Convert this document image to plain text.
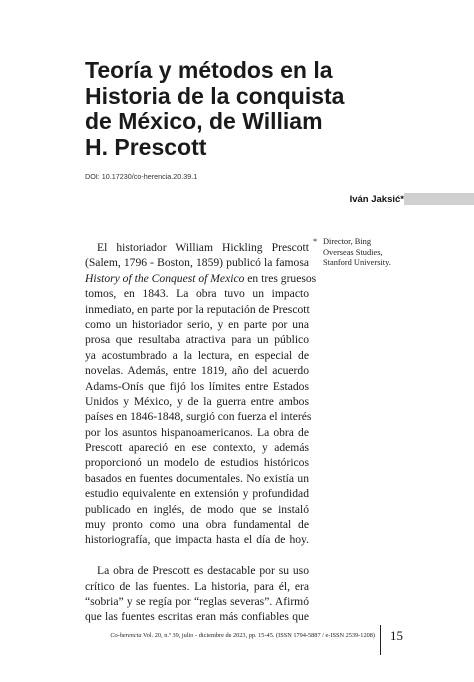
Teoría y métodos en la
Historia de la conquista
de México, de William
H. Prescott
DOI: 10.17230/co-herencia.20.39.1
Iván Jaksić*
* Director, Bing
Overseas Studies,
Stanford University.
El historiador William Hickling Prescott
(Salem, 1796 - Boston, 1859) publicó la famosa
History of the Conquest of Mexico en tres gruesos
tomos, en 1843. La obra tuvo un impacto
inmediato, en parte por la reputación de Prescott
como un historiador serio, y en parte por una
prosa que resultaba atractiva para un público
ya acostumbrado a la lectura, en especial de
novelas. Además, entre 1819, año del acuerdo
Adams-Onís que fijó los límites entre Estados
Unidos y México, y de la guerra entre ambos
países en 1846-1848, surgió con fuerza el interés
por los asuntos hispanoamericanos. La obra de
Prescott apareció en ese contexto, y además
proporcionó un modelo de estudios históricos
basados en fuentes documentales. No existía un
estudio equivalente en extensión y profundidad
publicado en inglés, de modo que se instaló
muy pronto como una obra fundamental de
historiografía, que impacta hasta el día de hoy.
La obra de Prescott es destacable por su uso
crítico de las fuentes. La historia, para él, era
“sobria” y se regía por “reglas severas”. Afirmó
que las fuentes escritas eran más confiables que
Co-herencia Vol. 20, n.º 39, julio - diciembre de 2023, pp. 15-45. (ISSN 1794-5887 / e-ISSN 2539-1208) 15
